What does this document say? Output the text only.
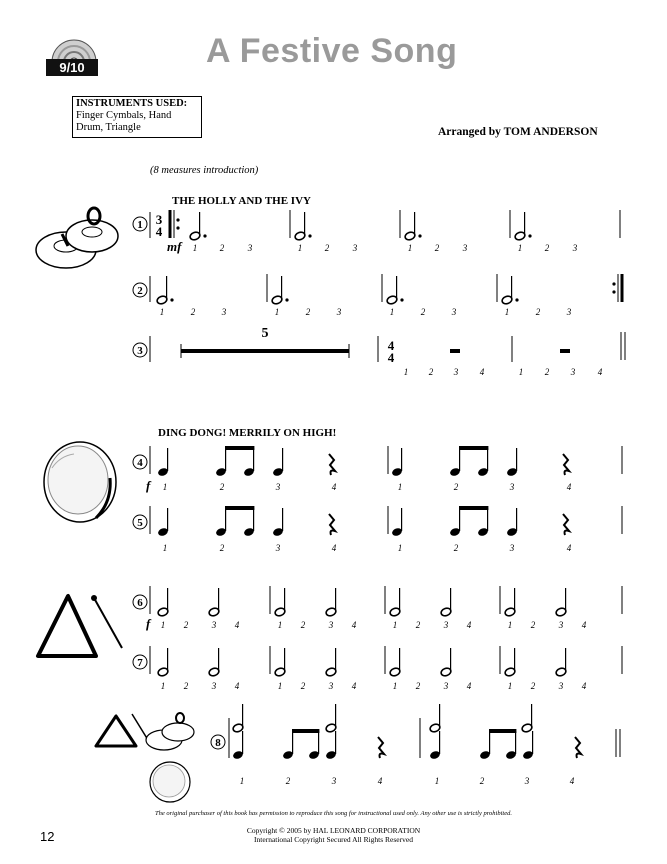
9/10	A Festive Song
INSTRUMENTS USED:
Finger Cymbals, Hand
Drum, Triangle	Arranged by TOM ANDERSON
(8 measures introduction)
THE HOLLY AND THE IVY
DING DONG! MERRILY ON HIGH!
1 3
4
mf 1	2	3	1	2	3	1	2	3	1	2	3
2
1	2	3	1	2	3	1	2	3	1	2	3
3
5
4
4
1 2 3 4	1 2 3	4
4
1	2	3	4	1	2	3	4
f
5
1	2	3	4	1	2	3	4
6
1 2	3 4	1 2	3 4	1 2	3 4	1 2	3 4
f
7
1 2	3 4	1 2	3 4	1 2	3 4	1 2	3 4
8
1	2	3	4	1	2	3	4
The original purchaser of this book has permission to reproduce this song for instructional used only. Any other use is strictly prohibited.
Copyright © 2005 by HAL LEONARD CORPORATION
International Copyright Secured All Rights Reserved
12
